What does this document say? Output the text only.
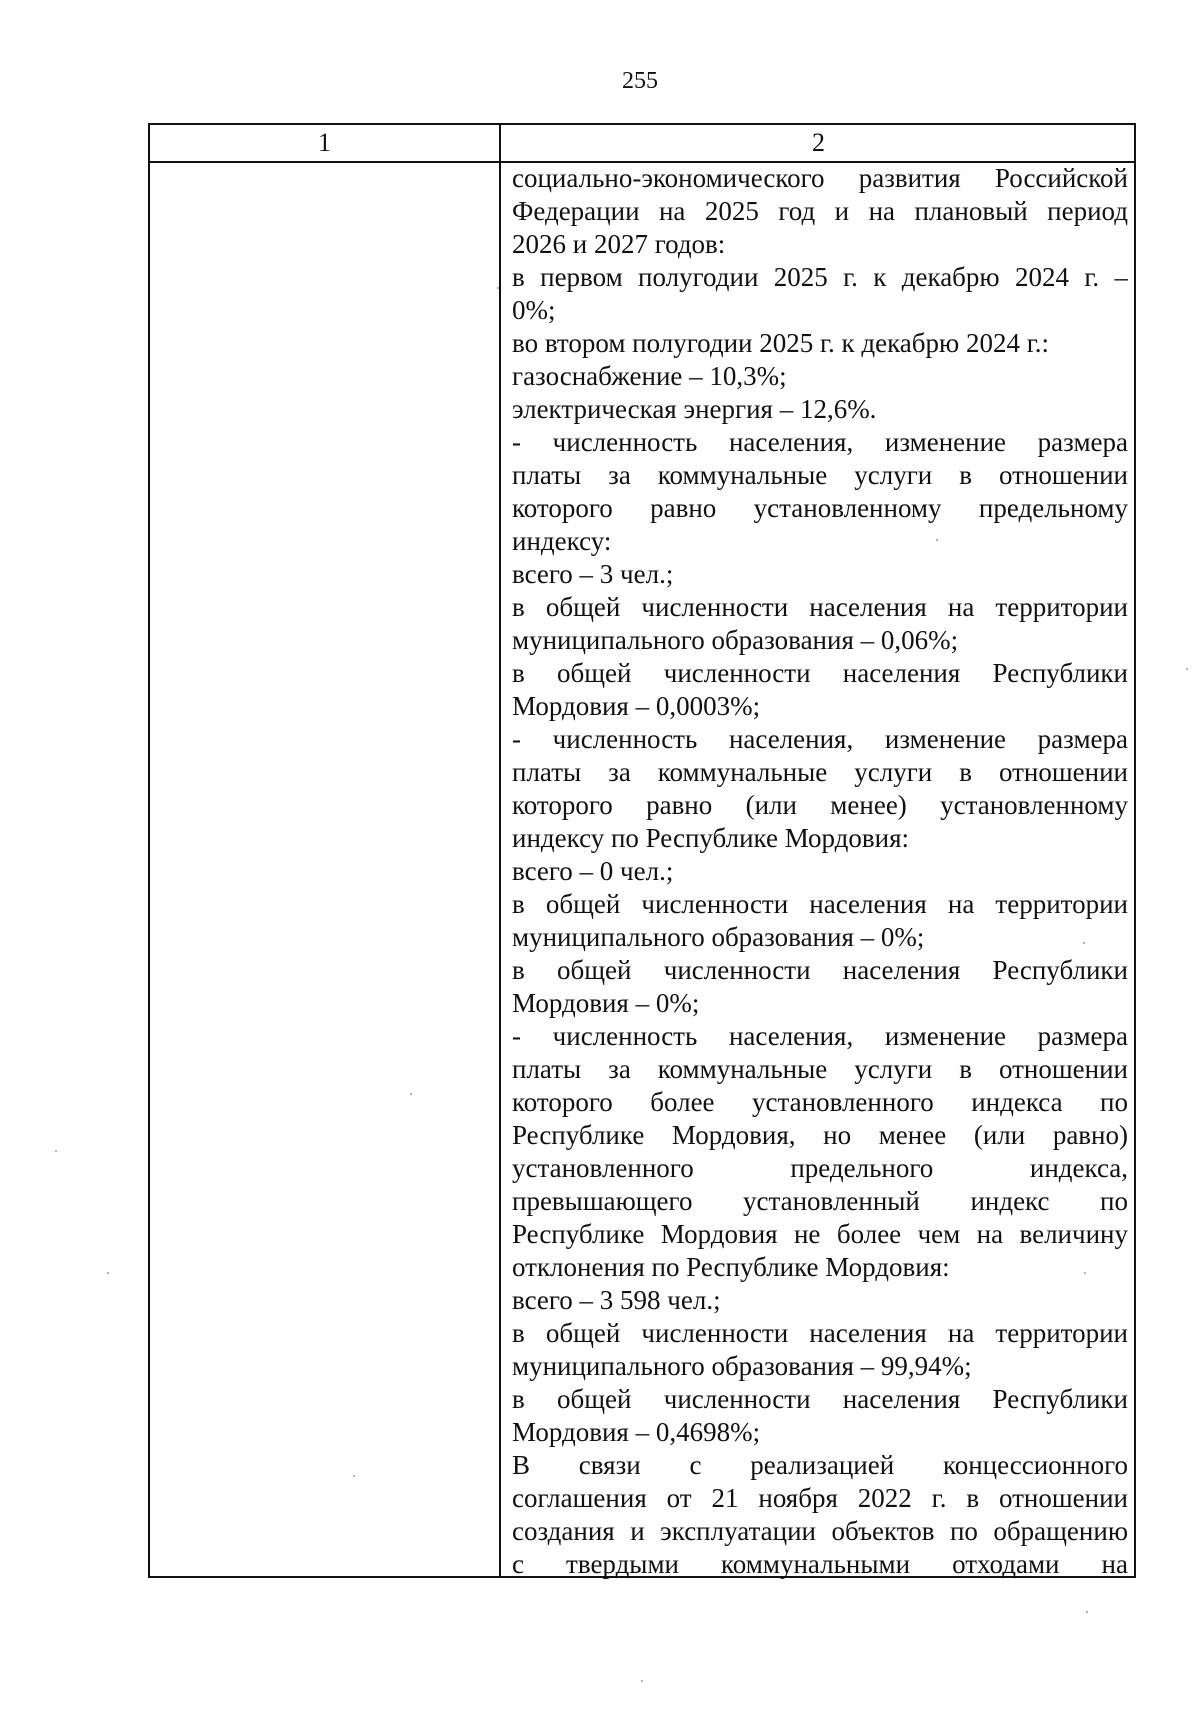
255
1	2
социально-экономического развития Российской
Федерации на 2025 год и на плановый период
2026 и 2027 годов:
в первом полугодии 2025 г. к декабрю 2024 г. –
0%;
во втором полугодии 2025 г. к декабрю 2024 г.:
газоснабжение – 10,3%;
электрическая энергия – 12,6%.
- численность населения, изменение размера
платы за коммунальные услуги в отношении
которого равно установленному предельному
индексу:
всего – 3 чел.;
в общей численности населения на территории
муниципального образования – 0,06%;
в общей численности населения Республики
Мордовия – 0,0003%;
- численность населения, изменение размера
платы за коммунальные услуги в отношении
которого равно (или менее) установленному
индексу по Республике Мордовия:
всего – 0 чел.;
в общей численности населения на территории
муниципального образования – 0%;
в общей численности населения Республики
Мордовия – 0%;
- численность населения, изменение размера
платы за коммунальные услуги в отношении
которого более установленного индекса по
Республике Мордовия, но менее (или равно)
установленного предельного индекса,
превышающего установленный индекс по
Республике Мордовия не более чем на величину
отклонения по Республике Мордовия:
всего – 3 598 чел.;
в общей численности населения на территории
муниципального образования – 99,94%;
в общей численности населения Республики
Мордовия – 0,4698%;
В связи с реализацией концессионного
соглашения от 21 ноября 2022 г. в отношении
создания и эксплуатации объектов по обращению
с твердыми коммунальными отходами на
